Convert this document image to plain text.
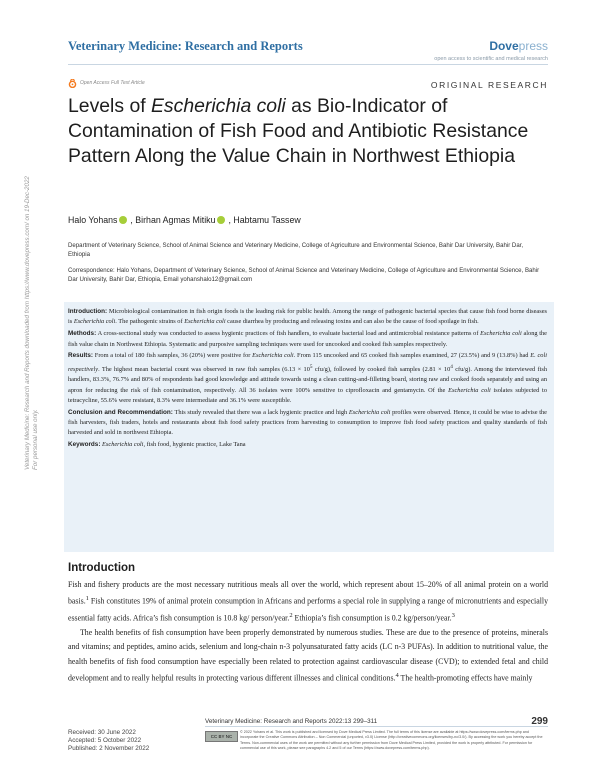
Veterinary Medicine: Research and Reports	Dovepress
open access to scientific and medical research
Open Access Full Text Article	ORIGINAL RESEARCH
Levels of Escherichia coli as Bio-Indicator of Contamination of Fish Food and Antibiotic Resistance Pattern Along the Value Chain in Northwest Ethiopia
Halo Yohans , Birhan Agmas Mitiku , Habtamu Tassew
Department of Veterinary Science, School of Animal Science and Veterinary Medicine, College of Agriculture and Environmental Science, Bahir Dar University, Bahir Dar, Ethiopia
Correspondence: Halo Yohans, Department of Veterinary Science, School of Animal Science and Veterinary Medicine, College of Agriculture and Environmental Science, Bahir Dar University, Bahir Dar, Ethiopia, Email yohanshalo12@gmail.com

Introduction: Microbiological contamination in fish origin foods is the leading risk for public health. Among the range of pathogenic bacterial species that cause fish food borne diseases is Escherichia coli. The pathogenic strains of Escherichia coli cause diarrhea by producing and releasing toxins and can also be the cause of food spoilage in fish.

Methods: A cross-sectional study was conducted to assess hygienic practices of fish handlers, to evaluate bacterial load and antimicrobial resistance patterns of Escherichia coli along the fish value chain in Northwest Ethiopia. Systematic and purposive sampling techniques were used for uncooked and cooked fish samples respectively.

Results: From a total of 180 fish samples, 36 (20%) were positive for Escherichia coli. From 115 uncooked and 65 cooked fish samples examined, 27 (23.5%) and 9 (13.8%) had E. coli respectively. The highest mean bacterial count was observed in raw fish samples ($6.13 \times 10^5$ cfu/g), followed by cooked fish samples ($2.81 \times 10^4$ cfu/g). Among the interviewed fish handlers, 83.3%, 76.7% and 80% of respondents had good knowledge and attitude towards using a clean cutting-and-filleting board, storing raw and cooked foods separately and using an apron for reducing the risk of fish contamination, respectively. All 36 isolates were 100% sensitive to ciprofloxacin and gentamycin. Of the Escherichia coli isolates subjected to tetracycline, 55.6% were resistant, 8.3% were intermediate and 36.1% were susceptible.

Conclusion and Recommendation: This study revealed that there was a lack hygienic practice and high Escherichia coli profiles were observed. Hence, it could be wise to advise the fish harvesters, fish traders, hotels and restaurants about fish food safety practices from harvesting to consumption to improve fish food safety practices and quality standards of fish harvested and sold in northwest Ethiopia.

Keywords: Escherichia coli, fish food, hygienic practice, Lake Tana

Introduction

Fish and fishery products are the most necessary nutritious meals all over the world, which represent about 15–20% of all animal protein on a world basis.$^1$ Fish constitutes 19% of animal protein consumption in Africans and performs a special role in supplying a range of micronutrients and especially essential fatty acids. Africa’s fish consumption is 10.8 kg/ person/year.$^2$ Ethiopia’s fish consumption is 0.2 kg/person/year.$^3$

The health benefits of fish consumption have been properly demonstrated by numerous studies. These are due to the presence of proteins, minerals and vitamins; and peptides, amino acids, selenium and long-chain n-3 polyunsaturated fatty acids (LC n-3 PUFAs). In addition to nutritional value, the health benefits of fish food consumption have especially been related to protection against cardiovascular disease (CVD); to extended fetal and child development and to really helpful results in protecting various different illnesses and clinical conditions.$^4$ The health-promoting effects have mainly

Veterinary Medicine: Research and Reports downloaded from https://www.dovepress.com/ on 19-Dec-2022 For personal use only.
Received: 30 June 2022
Accepted: 5 October 2022
Published: 2 November 2022
Veterinary Medicine: Research and Reports 2022:13 299–311	299
CC BY NC
© 2022 Yohans et al. This work is published and licensed by Dove Medical Press Limited. The full terms of this license are available at https://www.dovepress.com/terms.php and incorporate the Creative Commons Attribution – Non Commercial (unported, v3.0) License (http://creativecommons.org/licenses/by-nc/3.0/). By accessing the work you hereby accept the Terms. Non-commercial uses of the work are permitted without any further permission from Dove Medical Press Limited, provided the work is properly attributed. For permission for commercial use of this work, please see paragraphs 4.2 and 5 of our Terms (https://www.dovepress.com/terms.php).
